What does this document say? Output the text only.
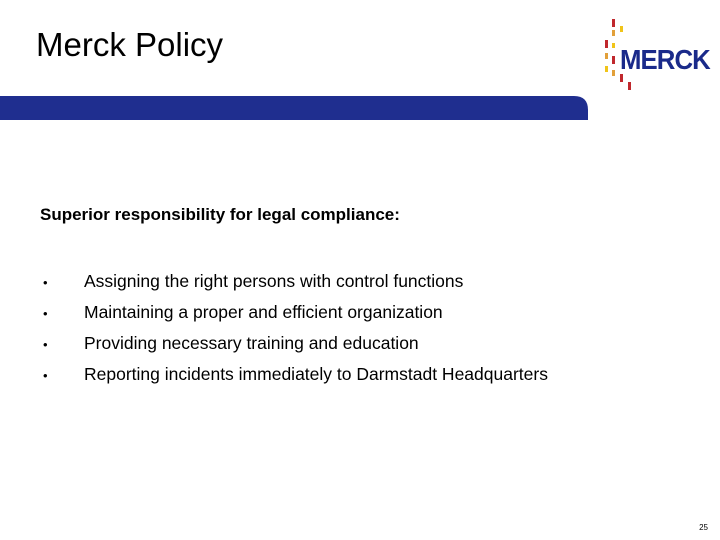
Merck Policy	MERCK

Superior responsibility for legal compliance:

•	Assigning the right persons with control functions
•	Maintaining a proper and efficient organization
•	Providing necessary training and education
•	Reporting incidents immediately to Darmstadt Headquarters
25
